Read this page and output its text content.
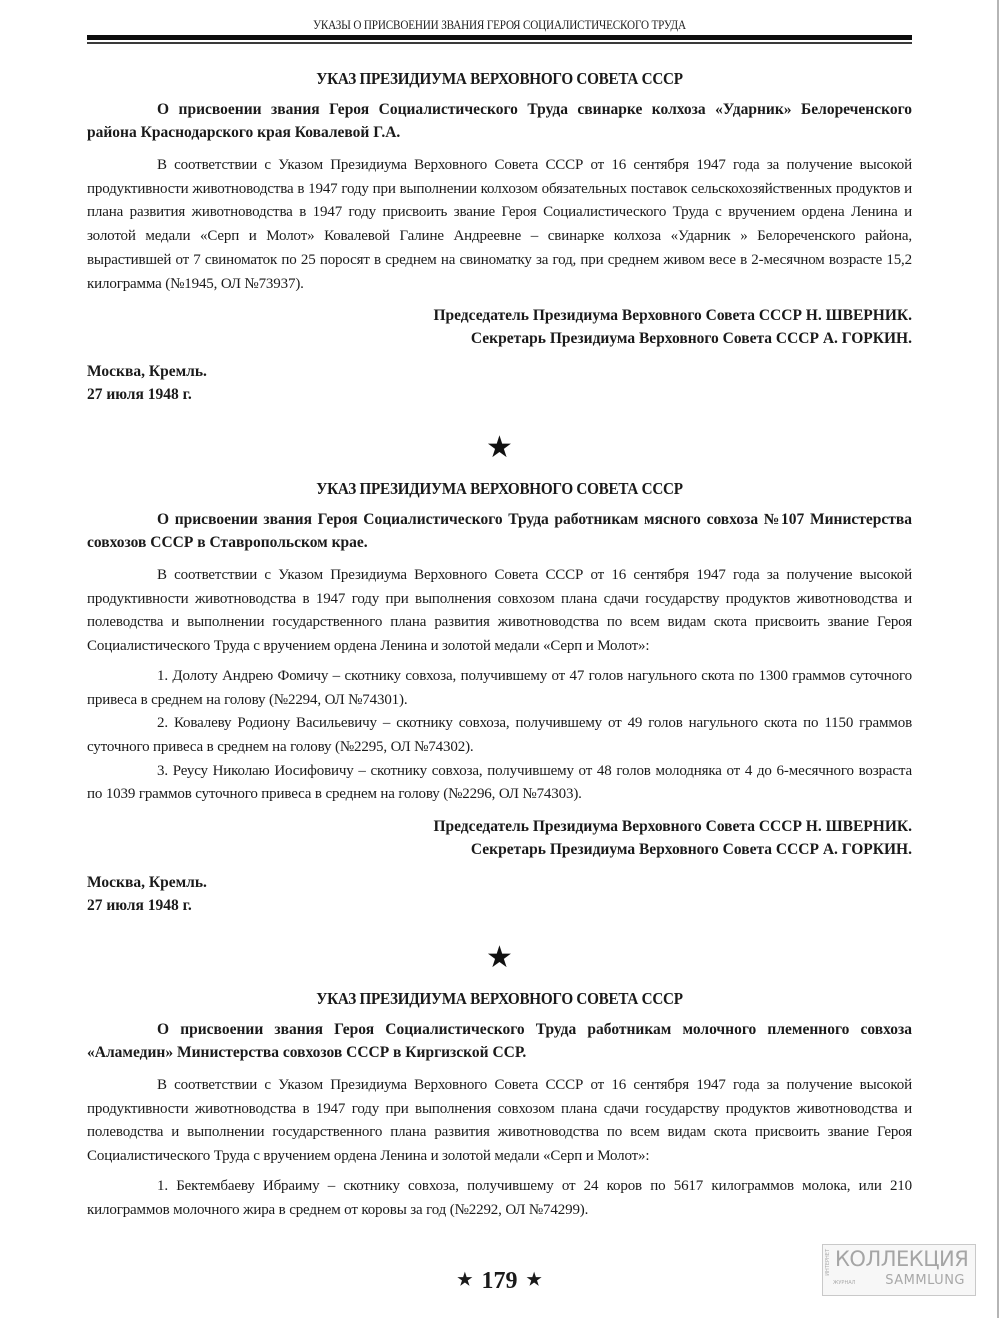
УКАЗЫ О ПРИСВОЕНИИ ЗВАНИЯ ГЕРОЯ СОЦИАЛИСТИЧЕСКОГО ТРУДА
УКАЗ ПРЕЗИДИУМА ВЕРХОВНОГО СОВЕТА СССР

О присвоении звания Героя Социалистического Труда свинарке колхоза «Ударник» Белореченского района Краснодарского края Ковалевой Г.А.

В соответствии с Указом Президиума Верховного Совета СССР от 16 сентября 1947 года за получение высокой продуктивности животноводства в 1947 году при выполнении колхозом обязательных поставок сельскохозяйственных продуктов и плана развития животноводства в 1947 году присвоить звание Героя Социалистического Труда с вручением ордена Ленина и золотой медали «Серп и Молот» Ковалевой Галине Андреевне – свинарке колхоза «Ударник » Белореченского района, вырастившей от 7 свиноматок по 25 поросят в среднем на свиноматку за год, при среднем живом весе в 2-месячном возрасте 15,2 килограмма (№1945, ОЛ №73937).

Председатель Президиума Верховного Совета СССР Н. ШВЕРНИК.
Секретарь Президиума Верховного Совета СССР А. ГОРКИН.
Москва, Кремль.
27 июля 1948 г.
★
УКАЗ ПРЕЗИДИУМА ВЕРХОВНОГО СОВЕТА СССР

О присвоении звания Героя Социалистического Труда работникам мясного совхоза №107 Министерства совхозов СССР в Ставропольском крае.

В соответствии с Указом Президиума Верховного Совета СССР от 16 сентября 1947 года за получение высокой продуктивности животноводства в 1947 году при выполнения совхозом плана сдачи государству продуктов животноводства и полеводства и выполнении государственного плана развития животноводства по всем видам скота присвоить звание Героя Социалистического Труда с вручением ордена Ленина и золотой медали «Серп и Молот»:

1. Долоту Андрею Фомичу – скотнику совхоза, получившему от 47 голов нагульного скота по 1300 граммов суточного привеса в среднем на голову (№2294, ОЛ №74301).

2. Ковалеву Родиону Васильевичу – скотнику совхоза, получившему от 49 голов нагульного скота по 1150 граммов суточного привеса в среднем на голову (№2295, ОЛ №74302).

3. Реусу Николаю Иосифовичу – скотнику совхоза, получившему от 48 голов молодняка от 4 до 6-месячного возраста по 1039 граммов суточного привеса в среднем на голову (№2296, ОЛ №74303).

Председатель Президиума Верховного Совета СССР Н. ШВЕРНИК.
Секретарь Президиума Верховного Совета СССР А. ГОРКИН.
Москва, Кремль.
27 июля 1948 г.
★
УКАЗ ПРЕЗИДИУМА ВЕРХОВНОГО СОВЕТА СССР

О присвоении звания Героя Социалистического Труда работникам молочного племенного совхоза «Аламедин» Министерства совхозов СССР в Киргизской ССР.

В соответствии с Указом Президиума Верховного Совета СССР от 16 сентября 1947 года за получение высокой продуктивности животноводства в 1947 году при выполнения совхозом плана сдачи государству продуктов животноводства и полеводства и выполнении государственного плана развития животноводства по всем видам скота присвоить звание Героя Социалистического Труда с вручением ордена Ленина и золотой медали «Серп и Молот»:

1. Бектембаеву Ибраиму – скотнику совхоза, получившему от 24 коров по 5617 килограммов молока, или 210 килограммов молочного жира в среднем от коровы за год (№2292, ОЛ №74299).

★ 179 ★
ИНТЕРНЕТ КОЛЛЕКЦИЯ
ЖУРНАЛ SAMMLUNG
